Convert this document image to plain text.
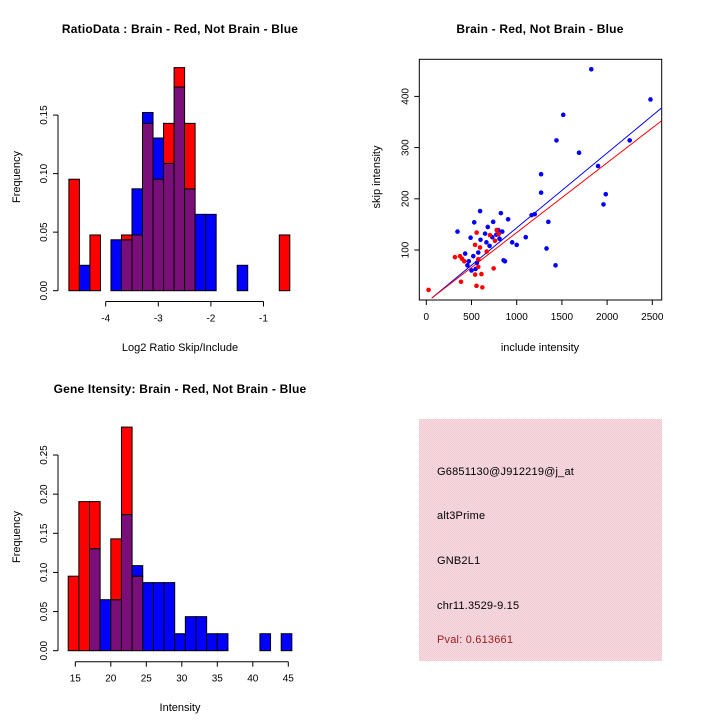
RatioData : Brain - Red, Not Brain - Blue
-4	-3	-2	-1
0.00
0.05
0.10
0.15
Log2 Ratio Skip/Include
Frequency
Brain - Red, Not Brain - Blue
0	500	1000 1500 2000 2500
100
200
300
400
include intensity
skip intensity
Gene Itensity: Brain - Red, Not Brain - Blue
15 20 25 30 35 40 45
0.00
0.05
0.10
0.15
0.20
0.25
Intensity
Frequency
G6851130@J912219@j_at
alt3Prime
GNB2L1
chr11.3529-9.15
Pval: 0.613661
